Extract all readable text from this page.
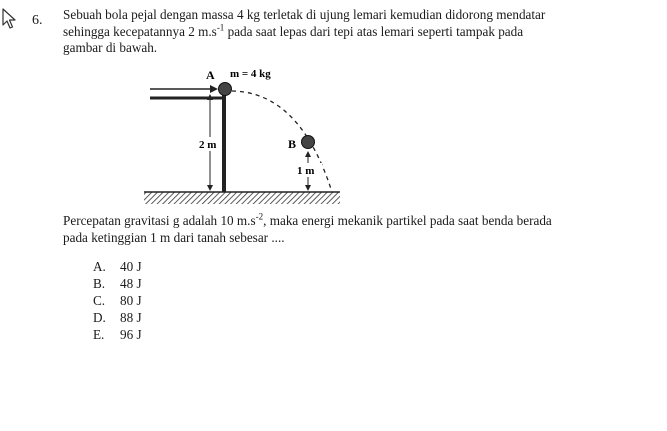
6. Sebuah bola pejal dengan massa 4 kg terletak di ujung lemari kemudian didorong mendatar
sehingga kecepatannya 2 $m.s^{-1}$ pada saat lepas dari tepi atas lemari seperti tampak pada
gambar di bawah.
A m = 4 kg
2 m	B
1 m
Percepatan gravitasi g adalah 10 $m.s^{-2}$, maka energi mekanik partikel pada saat benda berada
pada ketinggian 1 m dari tanah sebesar ....
A. 40 J
B. 48 J
C. 80 J
D. 88 J
E. 96 J
